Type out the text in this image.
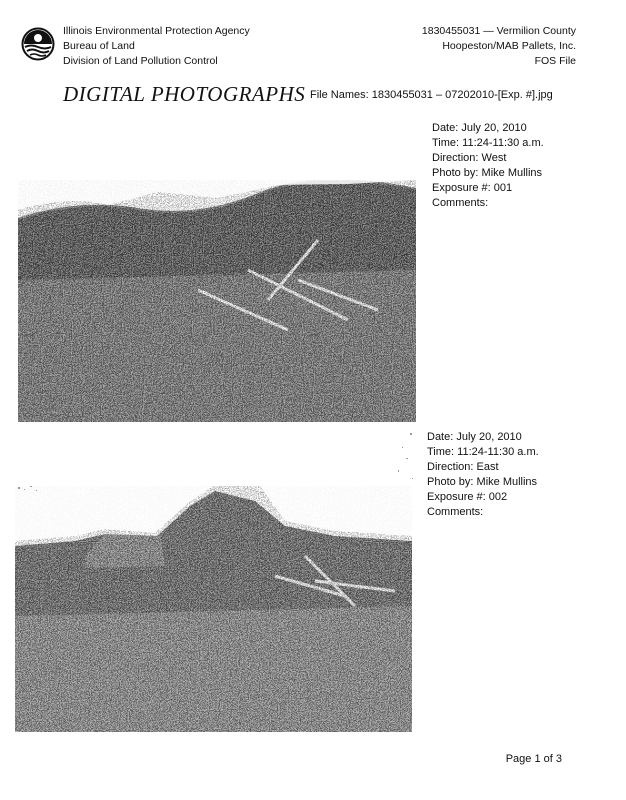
Illinois Environmental Protection Agency
Bureau of Land
Division of Land Pollution Control
1830455031 — Vermilion County
Hoopeston/MAB Pallets, Inc.
FOS File
DIGITAL PHOTOGRAPHS File Names: 1830455031 – 07202010-[Exp. #].jpg
Date: July 20, 2010
Time: 11:24-11:30 a.m.
Direction: West
Photo by: Mike Mullins
Exposure #: 001
Comments:
Date: July 20, 2010
Time: 11:24-11:30 a.m.
Direction: East
Photo by: Mike Mullins
Exposure #: 002
Comments:
Page 1 of 3
